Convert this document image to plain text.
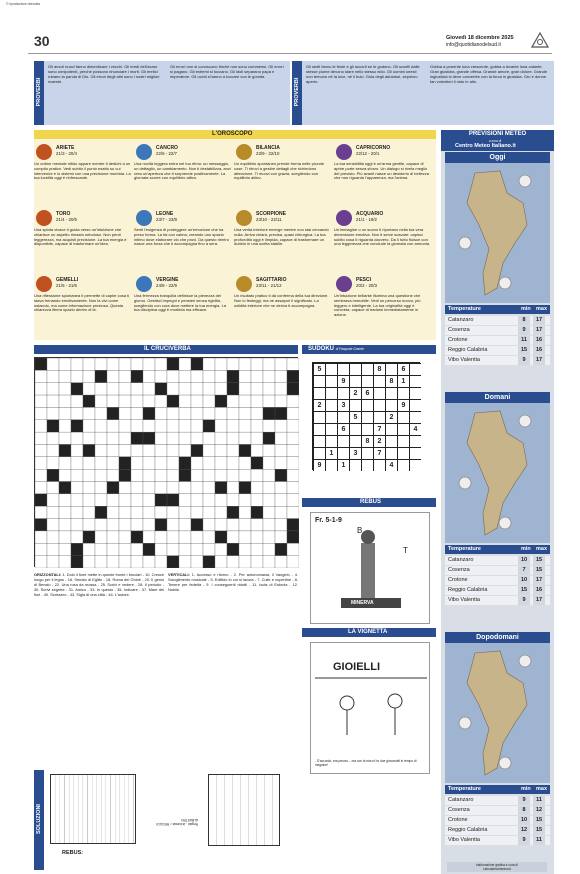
© riproduzione riservata
30	Giovedì 18 dicembre 2025
info@quotidianodelsud.it
PROVERBI
Gli amori nuovi fanno dimenticare i vecchi. Gli eredi dell'avaro sono onnipotenti, perché possono rinunciare i morti. Gli eretici rubano la parola di Dio. Gli errori degli altri sono i nostri migliori maestri.
Gli errori non si conoscono finché non sono commessi. Gli errori si pagano. Gli estremi si toccano. Gli idoli separano papa e imperatore. Gli occhi s'hanno a toccare con le gomita.
PROVERBI
Gli stolti fanno le feste e gli accorti se le godono. Gli uccelli dalle stesse piume devono stare nello stesso nido. Gli uomini onesti non temono né la luce, né il buio. Gola degli adulatori, sepolcro aperto.
Gobba a ponente luna crescente, gobba a levante luna calante. Gran giustizia, grande offesa. Grande amore, gran dolore. Grande ingiustizia si deve convertire con la forza in giustizia. Gru e donne fan volentieri il nido in alto.
L'OROSCOPO
ARIETE
21/3 - 20/4
Un ordine mentale nitido appare mentre ti dedichi a un compito pratico. Vedi subito il punto esatto su cui intervenire e lo sistemi con una precisione morbida. La tua lucidità oggi è rinfrescante.
TORO
21/4 - 20/5
Una spinta vivace ti guida verso un'intuizione che chiarisce un aspetto rimasto nebuloso. Non perdi leggerezza, ma acquisti precisione. La tua energia è disponibile, capace di trasformare un'idea.
GEMELLI
21/5 - 21/6
Una riflessione spontanea ti permette di capire cosa ti stava frenando emotivamente. Non la vivi come ostacolo, ma come informazione preziosa. Questa chiarezza libera spazio dentro di te.
CANCRO
22/6 - 22/7
Una novità leggera entra nel tuo ritmo: un messaggio, un dettaglio, un cambiamento. Non ti destabilizza, anzi crea un'apertura che ti sorprende positivamente. La giornata scorre con equilibrio attivo.
LEONE
23/7 - 23/8
Senti l'esigenza di proteggere un'emozione che ha preso forma. La fai con calma, creando uno spazio intimo dove elaborare ciò che provi. Da questo rientro nasce una forza che ti accompagna fino a sera.
VERGINE
24/8 - 22/9
Una fermezza tranquilla definisce la pienezza del giorno. Gestisci impegni e pensieri senza rigidità, scegliendo con cura dove mettere la tua energia. La tua disciplina oggi è morbida ma efficace.
BILANCIA
23/9 - 22/10
Un equilibrio spontaneo prende forma nelle piccole cose. Ti ritrovi a gestire dettagli che richiedono attenzione. Ti muovi con grazia, scegliendo con equilibrio attivo.
SCORPIONE
23/10 - 22/11
Una verità interiore emerge mentre non stai cercando nulla. Arriva chiara, precisa, quasi chirurgica. La tua profondità oggi è limpida, capace di trasformare un dubbio in una scelta stabile.
SAGITTARIO
23/11 - 21/12
Un risultato pratico ti dà conferma della tua direzione. Non lo festeggi, ma ne assapori il significato. La solidità interiore che ne deriva ti accompagna.
CAPRICORNO
22/12 - 20/1
La tua sensibilità oggi è un'arma gentile, capace di aprire porte senza sforzo. Un dialogo si rivela meglio del previsto. Più avanti nasce un desiderio di bellezza che non riguarda l'apparenza, ma l'anima.
ACQUARIO
21/1 - 19/2
Un'immagine o un suono ti riportano nella tua vera dimensione emotiva. Non ti serve scavare: capisci subito cosa ti riguarda davvero. Da lì tutto fluisce con una leggerezza che conclude la giornata con armonia.
PESCI
20/2 - 20/3
Un'intuizione brillante illumina una questione che sembrava immobile. Vedi un percorso nuovo, più leggero e intelligente. La tua originalità oggi è concreta, capace di tradursi immediatamente in azione.
PREVISIONI METEO
a cura di
Centro Meteo Italiano.it
Oggi
Temperature	min max
Catanzaro	8	17
Cosenza	9	17
Crotone	11	16
Reggio Calabria	15	16
Vibo Valentia	9	17
Domani
Temperature	min max
Catanzaro	10	15
Cosenza	7	15
Crotone	10	17
Reggio Calabria	15	16
Vibo Valentia	9	17
Dopodomani
Temperature	min max
Catanzaro	9	11
Cosenza	8	12
Crotone	10	15
Reggio Calabria	12	15
Vibo Valentia	9	11
elaborazione grafica a cura di
Labcalarivoltanina.it
IL CRUCIVERBA
ORIZZONTALI: 1. Dolo il fiore mette in queste fronte i bruciari - 10. Cresce lungo per il legno - 16. Senato di Egitto - 18. Roma del Ghinè - 20. Il genio di Benalo - 22. Una rosa da mossa - 25. Scrivi e vedere - 28. Il periodo - 30. Scrivi segrete - 31. Amico - 33. In questo - 35. Indicare - 37. Mare dei fiori - 40. Scrissero - 43. Sigla di una città - 44. L'autore.
VERTICALI: 1. Accesso e ritorno - 2. Per antonomasia, il Vangelo - 4. Scioglimento musicale - 5. Edificio in cui si lavora - 7. Culle e copertine - 8. Tenere per fedeltà - 9. I conseguenti ridotti - 11. Isola di Estonia - 12. Nobile.
SUDOKU di Pasquale Grande
5	8	6
9	8	1
2	6
2	3	9
5	2
6	7	4
8	2
1	3	7
9	1	4
REBUS
Fr. 5-1-9
B
T
MINERVA
LA VIGNETTA
GIOIELLI
- D'accordo, era prezzo... ma con la mia ei ho due giovanotti in tempo di ineguine!
SOLUZIONI
REBUS:
Regalo - la banda = REGA DI ALBASTRO
